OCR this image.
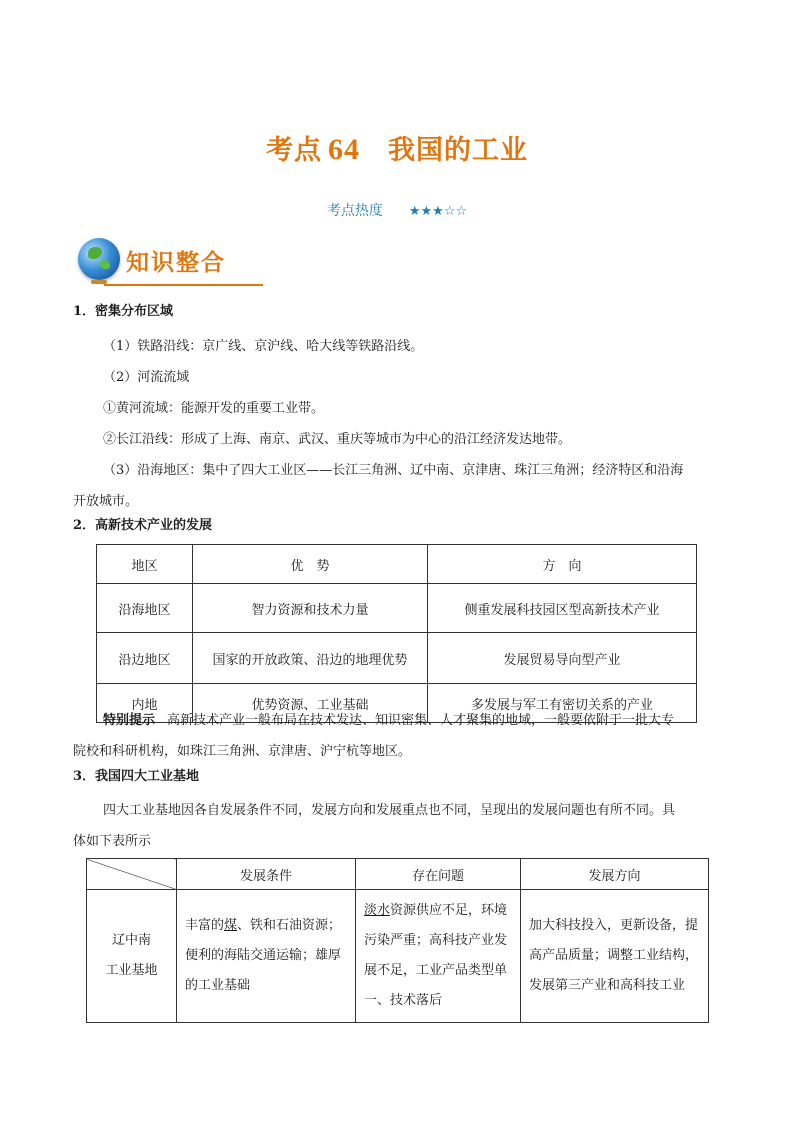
考点 64 我国的工业
考点热度 ★★★☆☆
知识整合
1．密集分布区域
（1）铁路沿线：京广线、京沪线、哈大线等铁路沿线。
（2）河流流域
①黄河流域：能源开发的重要工业带。
②长江沿线：形成了上海、南京、武汉、重庆等城市为中心的沿江经济发达地带。
（3）沿海地区：集中了四大工业区——长江三角洲、辽中南、京津唐、珠江三角洲；经济特区和沿海
开放城市。
2．高新技术产业的发展
地区	优　势	方　向
沿海地区	智力资源和技术力量	侧重发展科技园区型高新技术产业
沿边地区	国家的开放政策、沿边的地理优势	发展贸易导向型产业
内地	优势资源、工业基础	多发展与军工有密切关系的产业
特别提示 高新技术产业一般布局在技术发达、知识密集、人才聚集的地域，一般要依附于一批大专
院校和科研机构，如珠江三角洲、京津唐、沪宁杭等地区。
3．我国四大工业基地
四大工业基地因各自发展条件不同，发展方向和发展重点也不同，呈现出的发展问题也有所不同。具
体如下表所示
	发展条件	存在问题	发展方向

辽中南
工业基地	丰富的煤、铁和石油资源；便利的海陆交通运输；雄厚的工业基础	淡水资源供应不足，环境污染严重；高科技产业发展不足，工业产品类型单一、技术落后	加大科技投入，更新设备，提高产品质量；调整工业结构，发展第三产业和高科技工业
